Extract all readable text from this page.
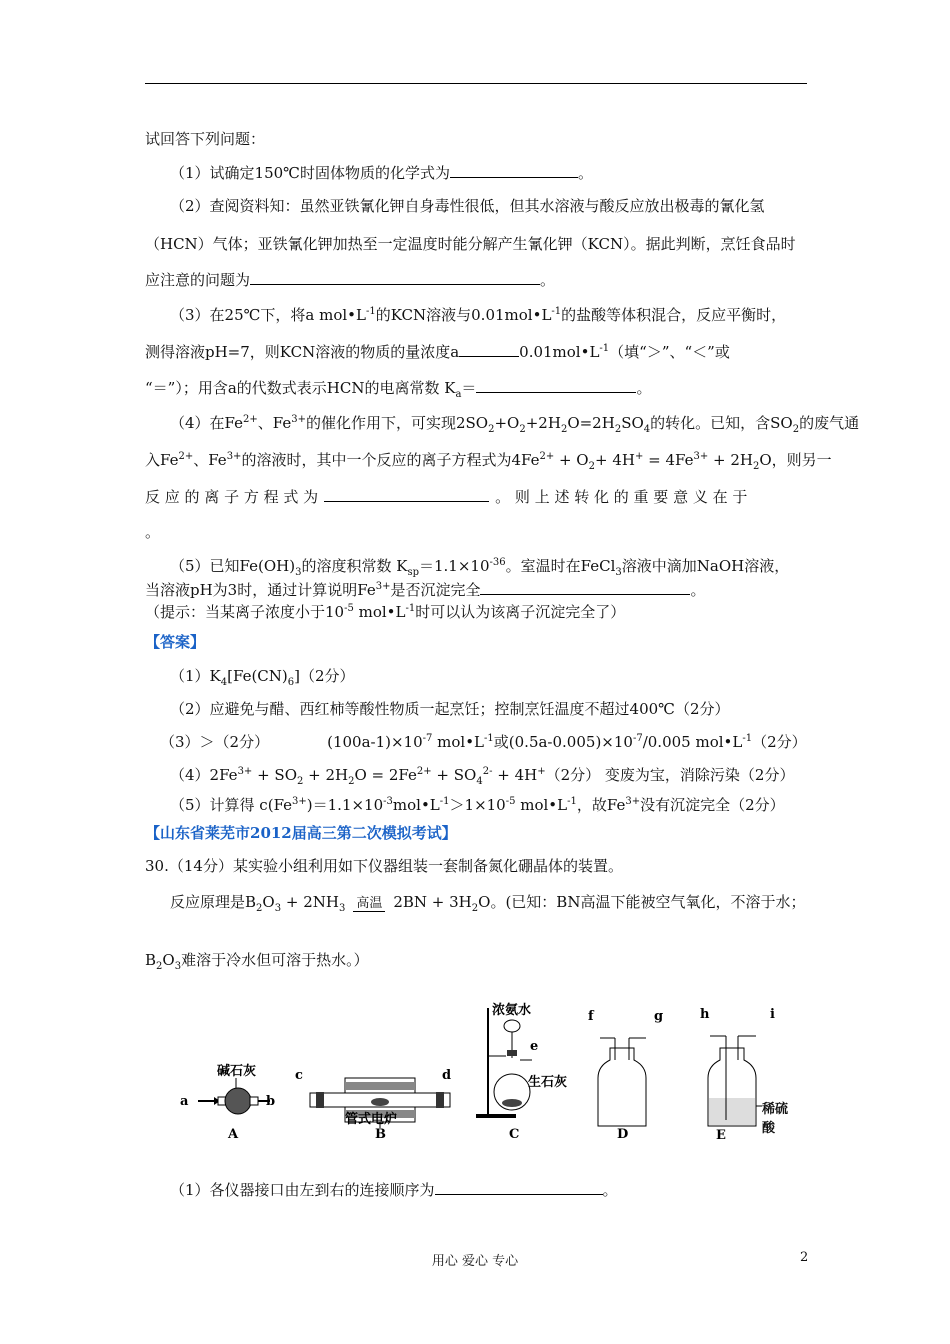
试回答下列问题：
（1）试确定150℃时固体物质的化学式为	。
（2）查阅资料知：虽然亚铁氰化钾自身毒性很低，但其水溶液与酸反应放出极毒的氰化氢
（HCN）气体；亚铁氰化钾加热至一定温度时能分解产生氰化钾（KCN）。据此判断，烹饪食品时
应注意的问题为	。
（3）在25℃下，将a $mol•L^{-1}$的KCN溶液与$0.01mol•L^{-1}$的盐酸等体积混合，反应平衡时，
测得溶液pH=7，则KCN溶液的物质的量浓度a	$0.01mol•L^{-1}$（填“＞”、“＜”或
“＝”）；用含a的代数式表示HCN的电离常数 $K_a=$	。
（4）在$Fe^{2+}$、$Fe^{3+}$的催化作用下，可实现$2SO_2+O_2+2H_2O=2H_2SO_4$的转化。已知，含$SO_2$的废气通
入$Fe^{2+}$、$Fe^{3+}$的溶液时，其中一个反应的离子方程式为$4Fe^{2+} + O_2+ 4H^+ = 4Fe^{3+} + 2H_2O$，则另一
反 应 的 离 子 方 程 式 为	。 则 上 述 转 化 的 重 要 意 义 在 于
。
（5）已知$Fe(OH)_3$的溶度积常数 $K_{sp}=1.1\times 10^{-36}$。室温时在FeCl$_3$溶液中滴加NaOH溶液，
当溶液pH为3时，通过计算说明$Fe^{3+}$是否沉淀完全	。
（提示：当某离子浓度小于$10^{-5}$ $mol•L^{-1}$时可以认为该离子沉淀完全了）
【答案】
$(1)K_4[Fe(CN)_6](2$分）
（2）应避免与醋、西红柿等酸性物质一起烹饪；控制烹饪温度不超过400℃（2分）
（3）＞（2分）	$(100a-1)\times 10^{-7}$ $mol•L^{-1}$或$(0.5a-0.005)\times 10^{-7}/0.005$ $mol•L^{-1}(2$分）
$(4)2Fe^{3+} + SO_2 + 2H_2O = 2Fe^{2+} + SO_4^{2-} + 4H^+(2$分） 变废为宝，消除污染（2分）
（5）计算得 $c(Fe^{3+})=1.1\times 10^{-3}mol•L^{-1}>1\times 10^{-5}$ $mol•L^{-1}$，故$Fe^{3+}$没有沉淀完全（2分）
【山东省莱芜市2012届高三第二次模拟考试】
30.（14分）某实验小组利用如下仪器组装一套制备氮化硼晶体的装置。
反应原理是$B_2O_3 + 2NH_3$ 高温 $2BN + 3H_2O$。(已知：BN高温下能被空气氧化，不溶于水；
$B_2O_3$难溶于冷水但可溶于热水。）
a	b
碱石灰
A
c	d
管式电炉
B
浓氨水
e
生石灰
C
f	g
D
h	i
E
稀硫酸
（1）各仪器接口由左到右的连接顺序为	。
用心 爱心 专心	2
